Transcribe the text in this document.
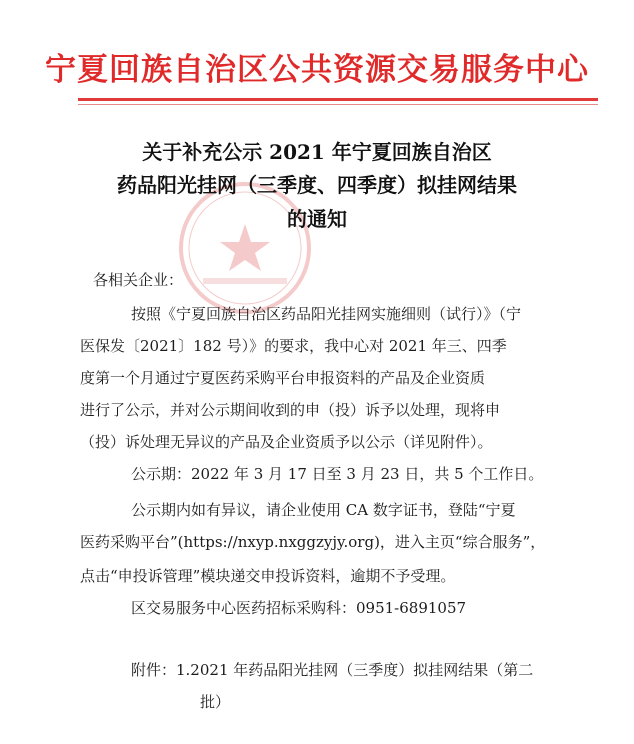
宁夏回族自治区公共资源交易服务中心
关于补充公示 2021 年宁夏回族自治区
药品阳光挂网（三季度、四季度）拟挂网结果
的通知
各相关企业：
按照《宁夏回族自治区药品阳光挂网实施细则（试行）》（宁
医保发〔2021〕182 号）》的要求，我中心对 2021 年三、四季
度第一个月通过宁夏医药采购平台申报资料的产品及企业资质
进行了公示，并对公示期间收到的申（投）诉予以处理，现将申
（投）诉处理无异议的产品及企业资质予以公示（详见附件）。
公示期：2022 年 3 月 17 日至 3 月 23 日，共 5 个工作日。
公示期内如有异议，请企业使用 CA 数字证书，登陆“宁夏
医药采购平台”(https://nxyp.nxggzyjy.org)，进入主页“综合服务”，
点击“申投诉管理”模块递交申投诉资料，逾期不予受理。
区交易服务中心医药招标采购科：0951-6891057
附件：1.2021 年药品阳光挂网（三季度）拟挂网结果（第二
批）
